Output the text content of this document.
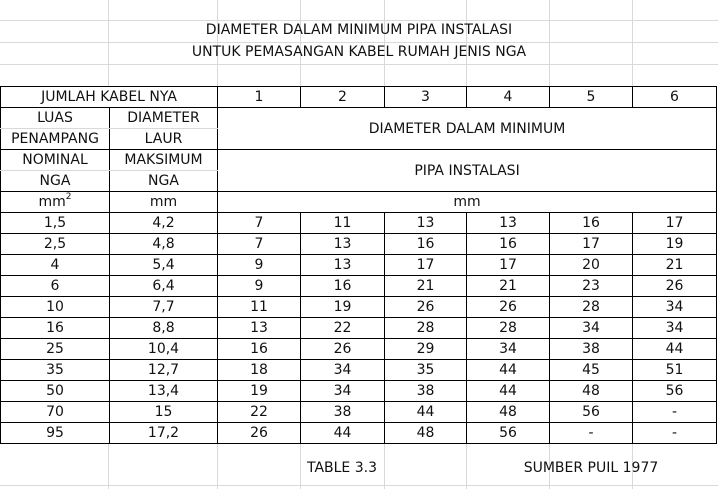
DIAMETER DALAM MINIMUM PIPA INSTALASI
UNTUK PEMASANGAN KABEL RUMAH JENIS NGA
JUMLAH KABEL NYA		1	2	3	4	5	6
LUAS	DIAMETER	DIAMETER DALAM MINIMUM					
PENAMPANG	LAUR						
NOMINAL	MAKSIMUM	PIPA INSTALASI					
NGA	NGA						
$mm^2$	mm	mm					
1,5	4,2	7	11	13	13	16	17
2,5	4,8	7	13	16	16	17	19
4	5,4	9	13	17	17	20	21
6	6,4	9	16	21	21	23	26
10	7,7	11	19	26	26	28	34
16	8,8	13	22	28	28	34	34
25	10,4	16	26	29	34	38	44
35	12,7	18	34	35	44	45	51
50	13,4	19	34	38	44	48	56
70	15	22	38	44	48	56	-
95	17,2	26	44	48	56	-	-
TABLE 3.3	SUMBER PUIL 1977
